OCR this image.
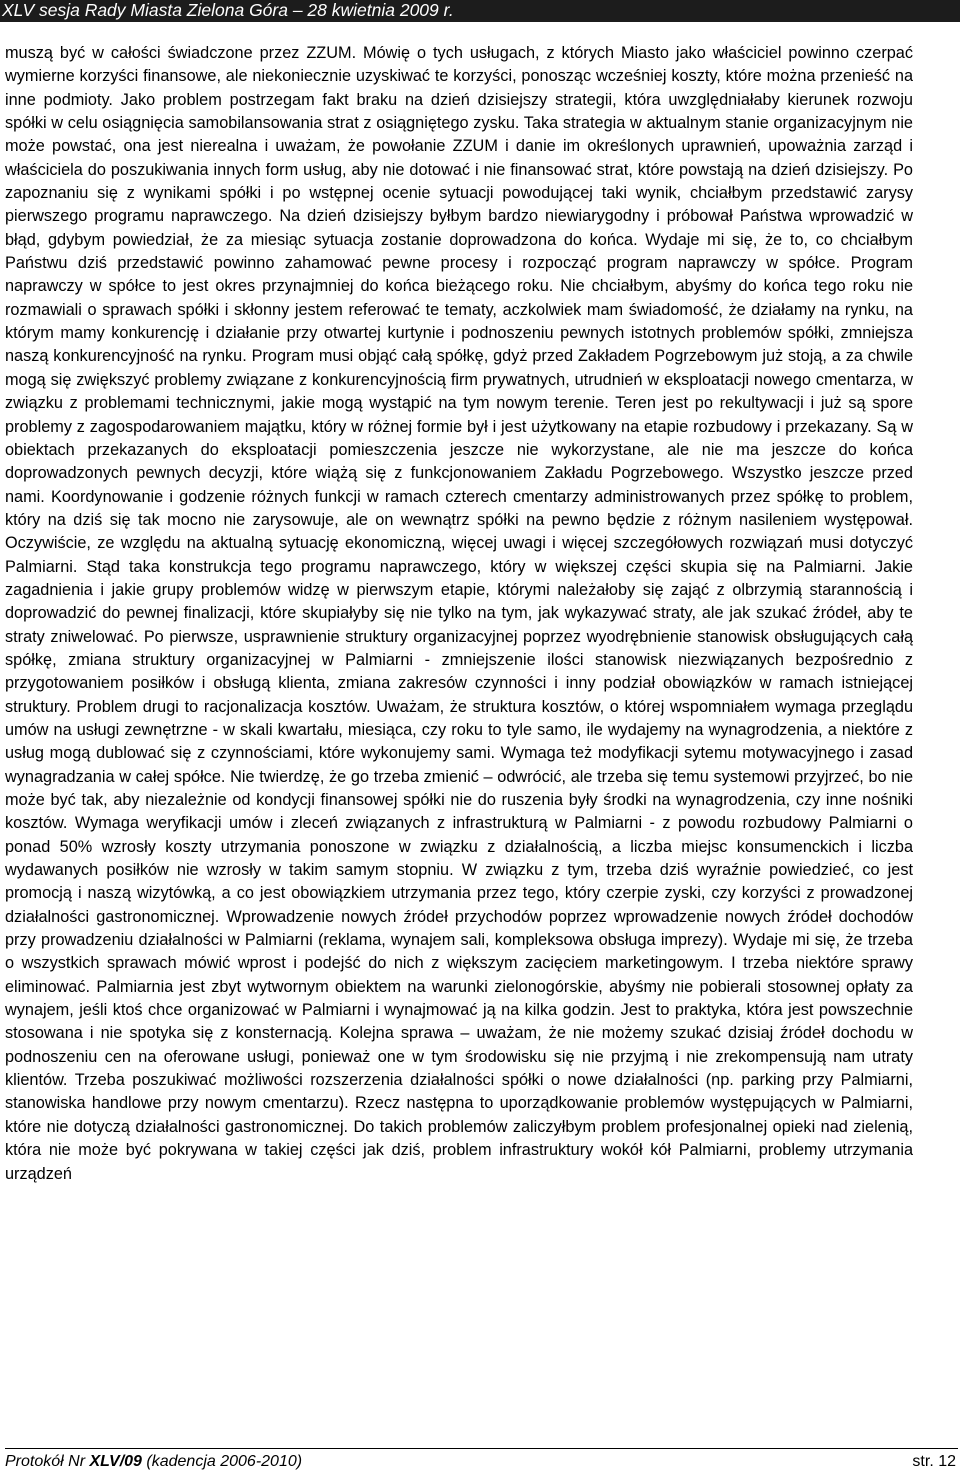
XLV sesja Rady Miasta Zielona Góra – 28 kwietnia 2009 r.

muszą być w całości świadczone przez ZZUM. Mówię o tych usługach, z których Miasto jako właściciel powinno czerpać wymierne korzyści finansowe, ale niekoniecznie uzyskiwać te korzyści, ponosząc wcześniej koszty, które można przenieść na inne podmioty. Jako problem postrzegam fakt braku na dzień dzisiejszy strategii, która uwzględniałaby kierunek rozwoju spółki w celu osiągnięcia samobilansowania strat z osiągniętego zysku. Taka strategia w aktualnym stanie organizacyjnym nie może powstać, ona jest nierealna i uważam, że powołanie ZZUM i danie im określonych uprawnień, upoważnia zarząd i właściciela do poszukiwania innych form usług, aby nie dotować i nie finansować strat, które powstają na dzień dzisiejszy. Po zapoznaniu się z wynikami spółki i po wstępnej ocenie sytuacji powodującej taki wynik, chciałbym przedstawić zarysy pierwszego programu naprawczego. Na dzień dzisiejszy byłbym bardzo niewiarygodny i próbował Państwa wprowadzić w błąd, gdybym powiedział, że za miesiąc sytuacja zostanie doprowadzona do końca. Wydaje mi się, że to, co chciałbym Państwu dziś przedstawić powinno zahamować pewne procesy i rozpocząć program naprawczy w spółce. Program naprawczy w spółce to jest okres przynajmniej do końca bieżącego roku. Nie chciałbym, abyśmy do końca tego roku nie rozmawiali o sprawach spółki i skłonny jestem referować te tematy, aczkolwiek mam świadomość, że działamy na rynku, na którym mamy konkurencję i działanie przy otwartej kurtynie i podnoszeniu pewnych istotnych problemów spółki, zmniejsza naszą konkurencyjność na rynku. Program musi objąć całą spółkę, gdyż przed Zakładem Pogrzebowym już stoją, a za chwile mogą się zwiększyć problemy związane z konkurencyjnością firm prywatnych, utrudnień w eksploatacji nowego cmentarza, w związku z problemami technicznymi, jakie mogą wystąpić na tym nowym terenie. Teren jest po rekultywacji i już są spore problemy z zagospodarowaniem majątku, który w różnej formie był i jest użytkowany na etapie rozbudowy i przekazany. Są w obiektach przekazanych do eksploatacji pomieszczenia jeszcze nie wykorzystane, ale nie ma jeszcze do końca doprowadzonych pewnych decyzji, które wiążą się z funkcjonowaniem Zakładu Pogrzebowego. Wszystko jeszcze przed nami. Koordynowanie i godzenie różnych funkcji w ramach czterech cmentarzy administrowanych przez spółkę to problem, który na dziś się tak mocno nie zarysowuje, ale on wewnątrz spółki na pewno będzie z różnym nasileniem występował. Oczywiście, ze względu na aktualną sytuację ekonomiczną, więcej uwagi i więcej szczegółowych rozwiązań musi dotyczyć Palmiarni. Stąd taka konstrukcja tego programu naprawczego, który w większej części skupia się na Palmiarni. Jakie zagadnienia i jakie grupy problemów widzę w pierwszym etapie, którymi należałoby się zająć z olbrzymią starannością i doprowadzić do pewnej finalizacji, które skupiałyby się nie tylko na tym, jak wykazywać straty, ale jak szukać źródeł, aby te straty zniwelować. Po pierwsze, usprawnienie struktury organizacyjnej poprzez wyodrębnienie stanowisk obsługujących całą spółkę, zmiana struktury organizacyjnej w Palmiarni - zmniejszenie ilości stanowisk niezwiązanych bezpośrednio z przygotowaniem posiłków i obsługą klienta, zmiana zakresów czynności i inny podział obowiązków w ramach istniejącej struktury. Problem drugi to racjonalizacja kosztów. Uważam, że struktura kosztów, o której wspomniałem wymaga przeglądu umów na usługi zewnętrzne - w skali kwartału, miesiąca, czy roku to tyle samo, ile wydajemy na wynagrodzenia, a niektóre z usług mogą dublować się z czynnościami, które wykonujemy sami. Wymaga też modyfikacji sytemu motywacyjnego i zasad wynagradzania w całej spółce. Nie twierdzę, że go trzeba zmienić – odwrócić, ale trzeba się temu systemowi przyjrzeć, bo nie może być tak, aby niezależnie od kondycji finansowej spółki nie do ruszenia były środki na wynagrodzenia, czy inne nośniki kosztów. Wymaga weryfikacji umów i zleceń związanych z infrastrukturą w Palmiarni - z powodu rozbudowy Palmiarni o ponad 50% wzrosły koszty utrzymania ponoszone w związku z działalnością, a liczba miejsc konsumenckich i liczba wydawanych posiłków nie wzrosły w takim samym stopniu. W związku z tym, trzeba dziś wyraźnie powiedzieć, co jest promocją i naszą wizytówką, a co jest obowiązkiem utrzymania przez tego, który czerpie zyski, czy korzyści z prowadzonej działalności gastronomicznej. Wprowadzenie nowych źródeł przychodów poprzez wprowadzenie nowych źródeł dochodów przy prowadzeniu działalności w Palmiarni (reklama, wynajem sali, kompleksowa obsługa imprezy). Wydaje mi się, że trzeba o wszystkich sprawach mówić wprost i podejść do nich z większym zacięciem marketingowym. I trzeba niektóre sprawy eliminować. Palmiarnia jest zbyt wytwornym obiektem na warunki zielonogórskie, abyśmy nie pobierali stosownej opłaty za wynajem, jeśli ktoś chce organizować w Palmiarni i wynajmować ją na kilka godzin. Jest to praktyka, która jest powszechnie stosowana i nie spotyka się z konsternacją. Kolejna sprawa – uważam, że nie możemy szukać dzisiaj źródeł dochodu w podnoszeniu cen na oferowane usługi, ponieważ one w tym środowisku się nie przyjmą i nie zrekompensują nam utraty klientów. Trzeba poszukiwać możliwości rozszerzenia działalności spółki o nowe działalności (np. parking przy Palmiarni, stanowiska handlowe przy nowym cmentarzu). Rzecz następna to uporządkowanie problemów występujących w Palmiarni, które nie dotyczą działalności gastronomicznej. Do takich problemów zaliczyłbym problem profesjonalnej opieki nad zielenią, która nie może być pokrywana w takiej części jak dziś, problem infrastruktury wokół kół Palmiarni, problemy utrzymania urządzeń

Protokół Nr XLV/09 (kadencja 2006-2010)	str. 12
